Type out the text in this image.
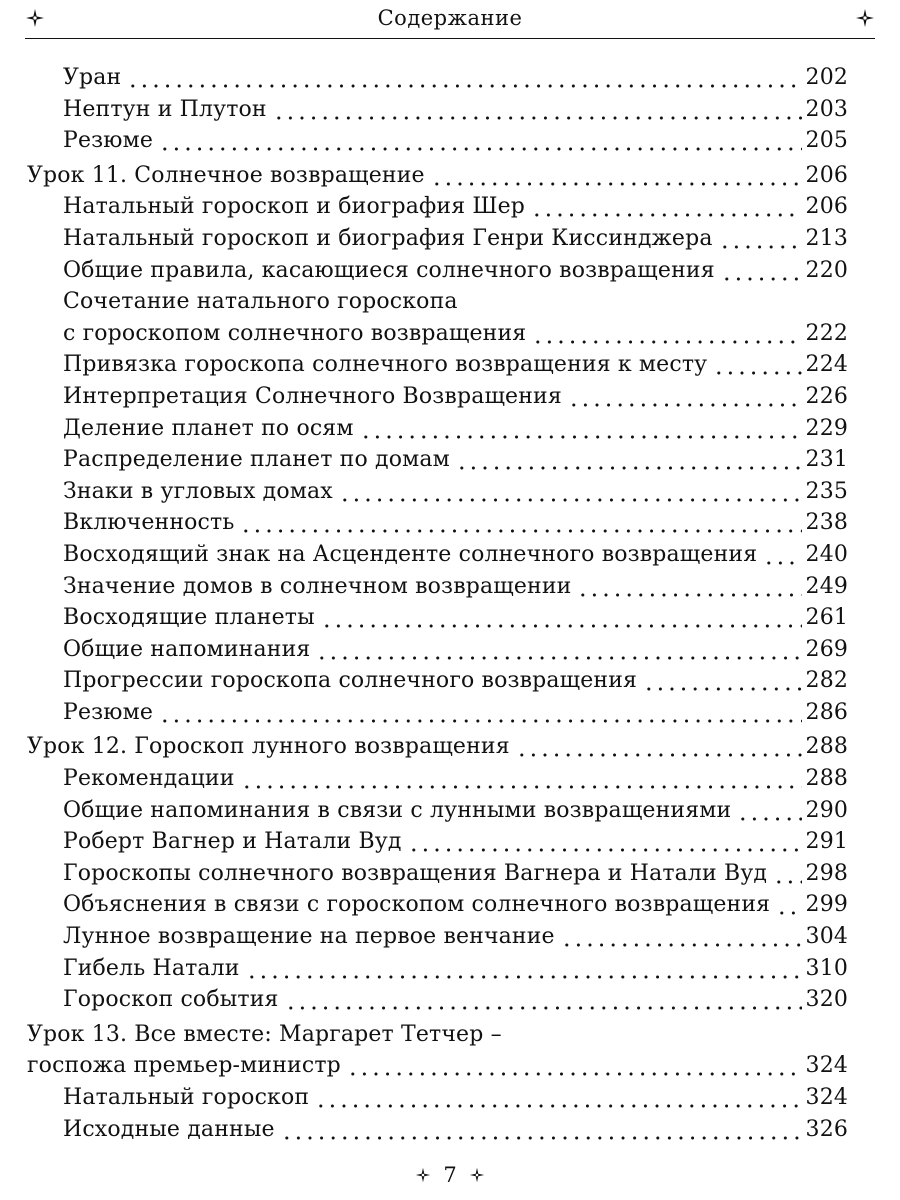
Содержание
Уран	202
Нептун и Плутон	203
Резюме	205
Урок 11. Солнечное возвращение	206
Натальный гороскоп и биография Шер	206
Натальный гороскоп и биография Генри Киссинджера	213
Общие правила, касающиеся солнечного возвращения	220
Сочетание натального гороскопа
с гороскопом солнечного возвращения	222
Привязка гороскопа солнечного возвращения к месту	224
Интерпретация Солнечного Возвращения	226
Деление планет по осям	229
Распределение планет по домам	231
Знаки в угловых домах	235
Включенность	238
Восходящий знак на Асценденте солнечного возвращения 240
Значение домов в солнечном возвращении	249
Восходящие планеты	261
Общие напоминания	269
Прогрессии гороскопа солнечного возвращения	282
Резюме	286
Урок 12. Гороскоп лунного возвращения	288
Рекомендации	288
Общие напоминания в связи с лунными возвращениями	290
Роберт Вагнер и Натали Вуд	291
Гороскопы солнечного возвращения Вагнера и Натали Вуд 298
Объяснения в связи с гороскопом солнечного возвращения 299
Лунное возвращение на первое венчание	304
Гибель Натали	310
Гороскоп события	320
Урок 13. Все вместе: Маргарет Тетчер –
госпожа премьер-министр	324
Натальный гороскоп	324
Исходные данные	326
7
